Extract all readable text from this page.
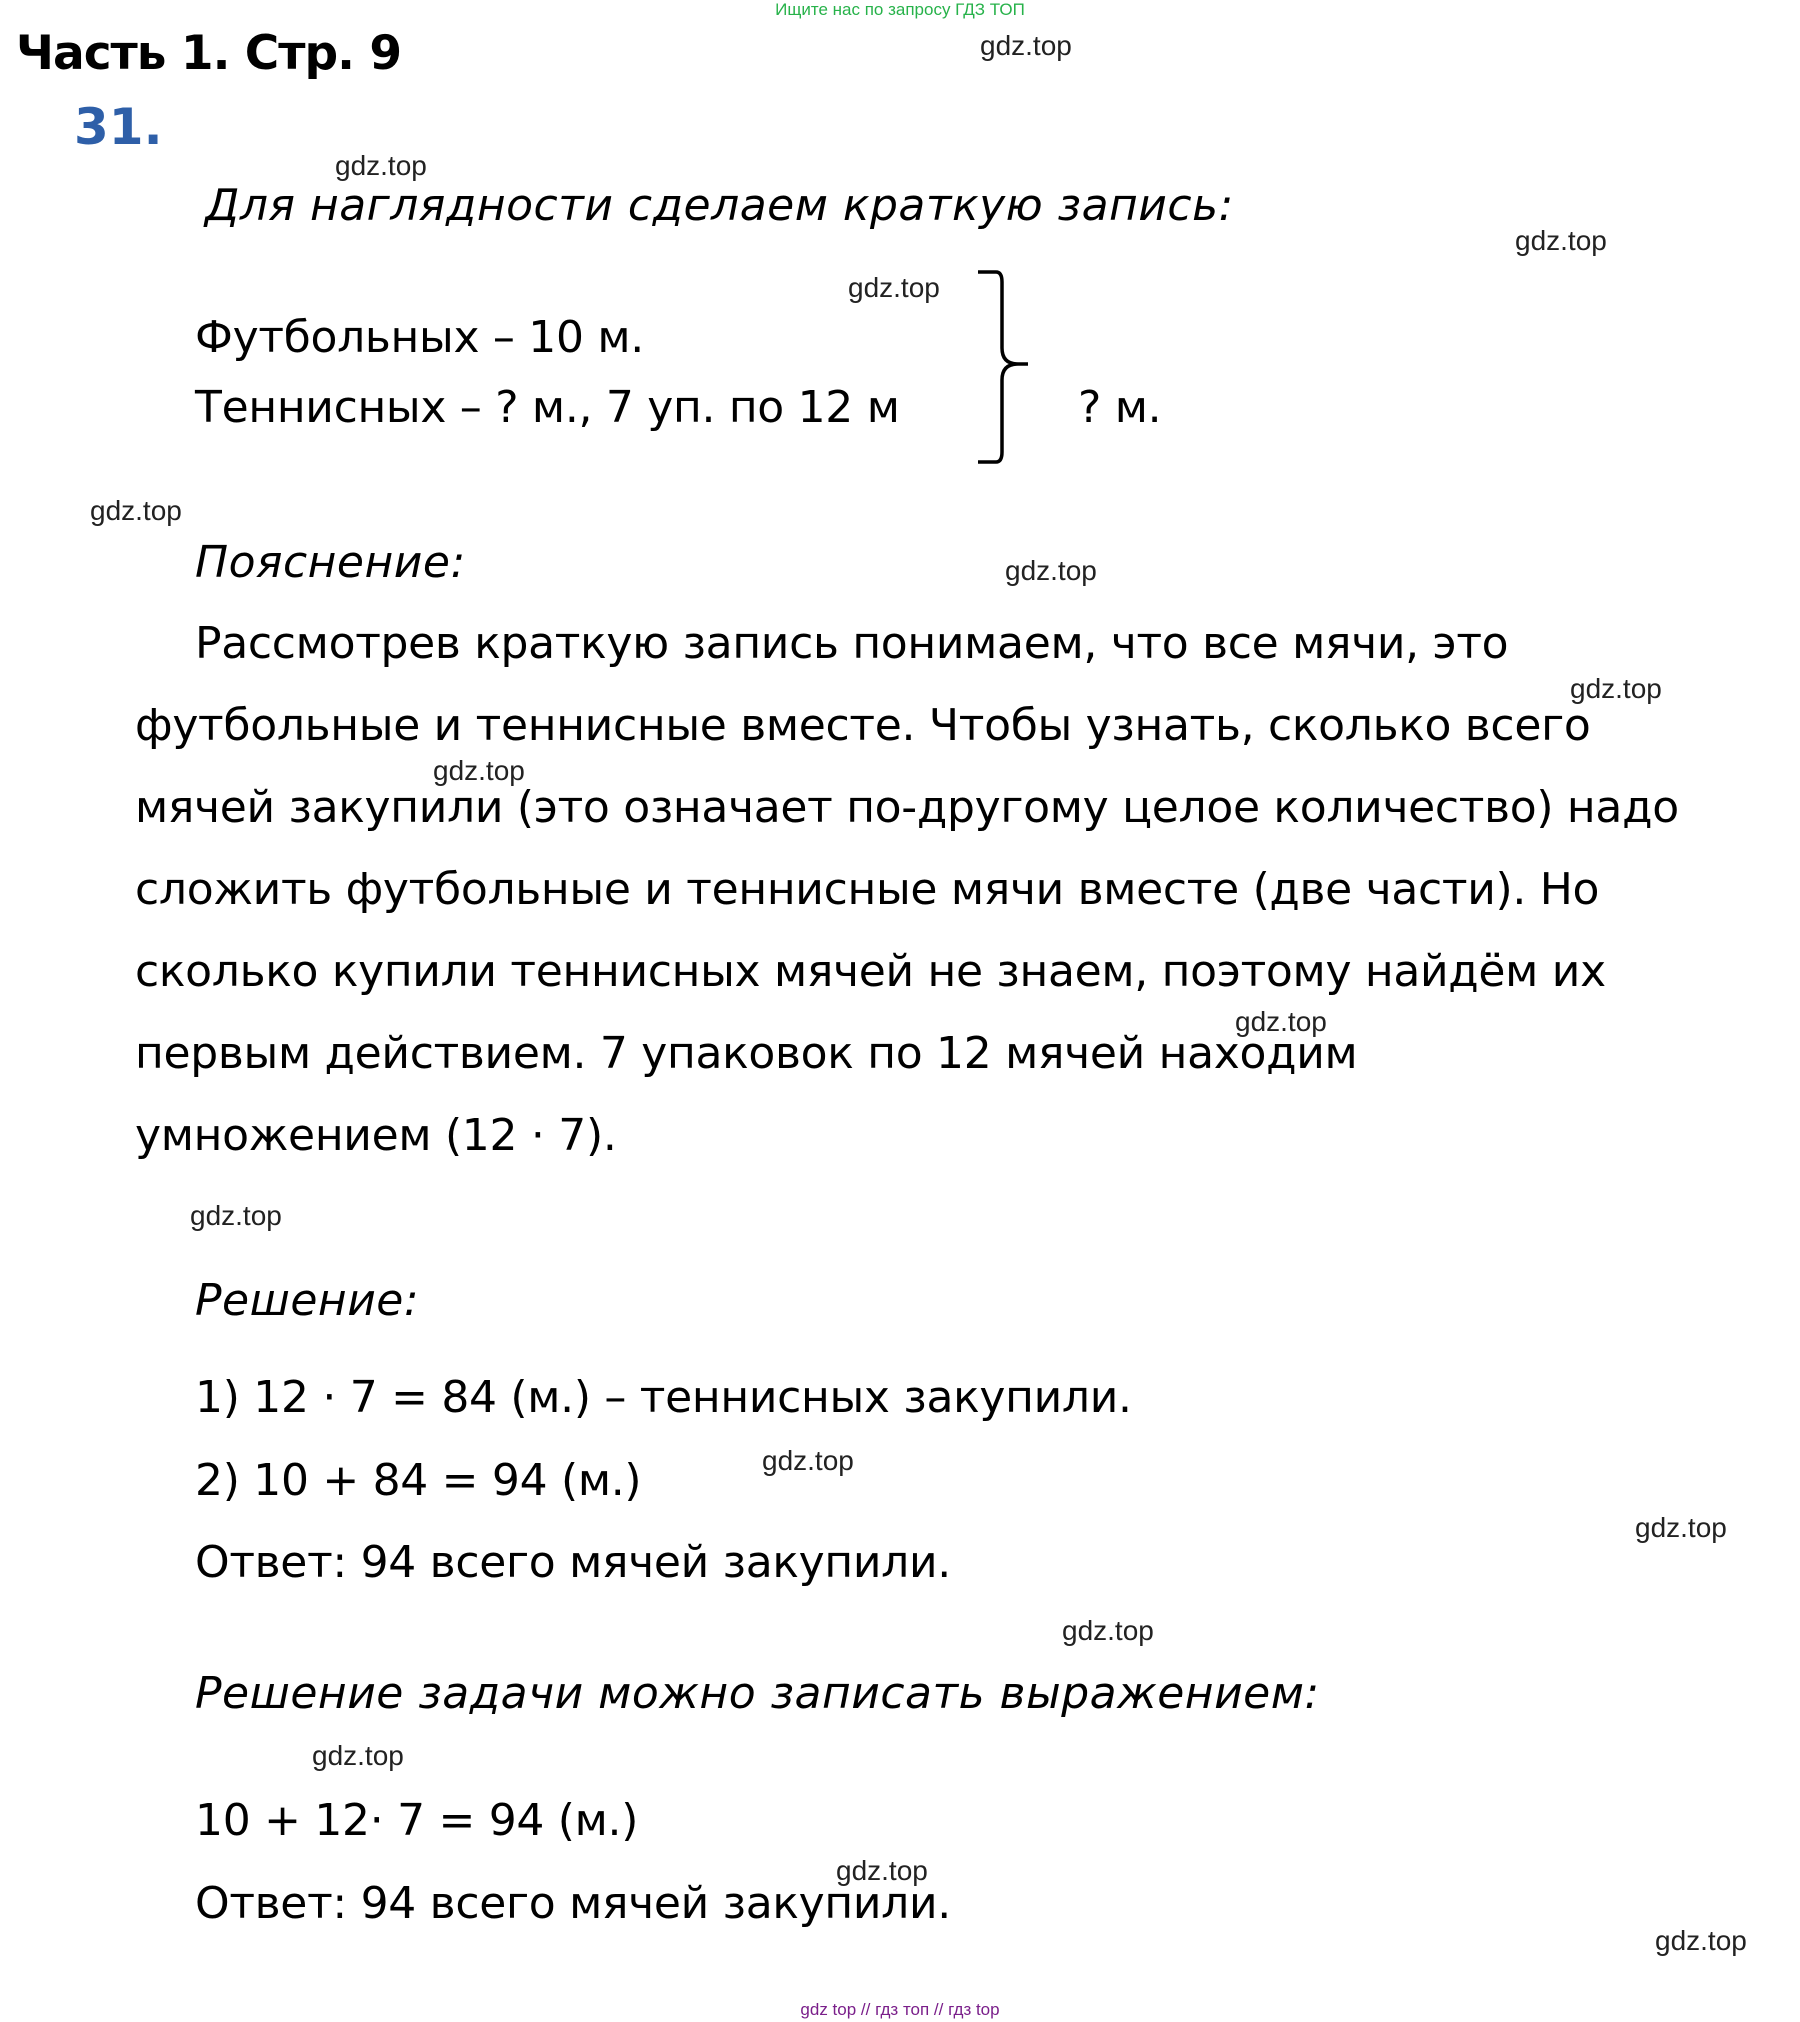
Ищите нас по запросу ГДЗ ТОП
Часть 1. Стр. 9
31.
gdz.top
gdz.top
gdz.top
gdz.top
gdz.top
gdz.top
gdz.top
gdz.top
gdz.top
gdz.top
gdz.top
gdz.top
gdz.top
gdz.top
gdz.top
gdz.top
Для наглядности сделаем краткую запись:
Футбольных – 10 м.
Теннисных – ? м., 7 уп. по 12 м	? м.
Пояснение:
Рассмотрев краткую запись понимаем, что все мячи, это
футбольные и теннисные вместе. Чтобы узнать, сколько всего
мячей закупили (это означает по-другому целое количество) надо
сложить футбольные и теннисные мячи вместе (две части). Но
сколько купили теннисных мячей не знаем, поэтому найдём их
первым действием. 7 упаковок по 12 мячей находим
умножением (12 · 7).
Решение:
1) 12 · 7 = 84 (м.) – теннисных закупили.
2) 10 + 84 = 94 (м.)
Ответ: 94 всего мячей закупили.
Решение задачи можно записать выражением:
10 + 12· 7 = 94 (м.)
Ответ: 94 всего мячей закупили.
gdz top // гдз топ // гдз top
